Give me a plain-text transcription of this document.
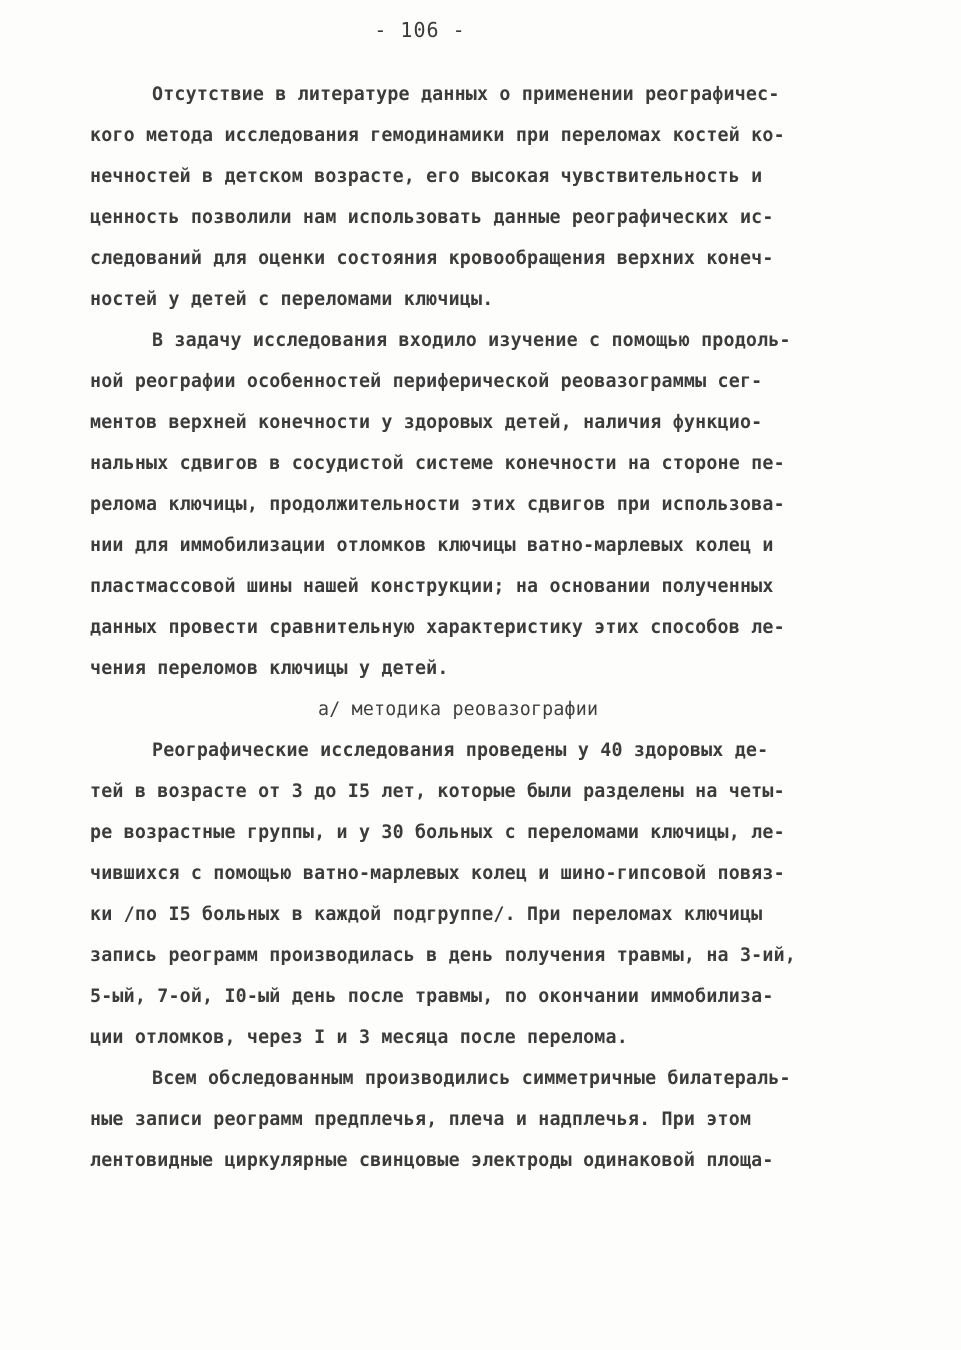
- 106 -
Отсутствие в литературе данных о применении реографичес-
кого метода исследования гемодинамики при переломах костей ко-
нечностей в детском возрасте, его высокая чувствительность и
ценность позволили нам использовать данные реографических ис-
следований для оценки состояния кровообращения верхних конеч-
ностей у детей с переломами ключицы.
В задачу исследования входило изучение с помощью продоль-
ной реографии особенностей периферической реовазограммы сег-
ментов верхней конечности у здоровых детей, наличия функцио-
нальных сдвигов в сосудистой системе конечности на стороне пе-
релома ключицы, продолжительности этих сдвигов при использова-
нии для иммобилизации отломков ключицы ватно-марлевых колец и
пластмассовой шины нашей конструкции; на основании полученных
данных провести сравнительную характеристику этих способов ле-
чения переломов ключицы у детей.
а/ методика реовазографии
Реографические исследования проведены у 40 здоровых де-
тей в возрасте от 3 до I5 лет, которые были разделены на четы-
ре возрастные группы, и у 30 больных с переломами ключицы, ле-
чившихся с помощью ватно-марлевых колец и шино-гипсовой повяз-
ки /по I5 больных в каждой подгруппе/. При переломах ключицы
запись реограмм производилась в день получения травмы, на 3-ий,
5-ый, 7-ой, I0-ый день после травмы, по окончании иммобилиза-
ции отломков, через I и 3 месяца после перелома.
Всем обследованным производились симметричные билатераль-
ные записи реограмм предплечья, плеча и надплечья. При этом
лентовидные циркулярные свинцовые электроды одинаковой площа-
